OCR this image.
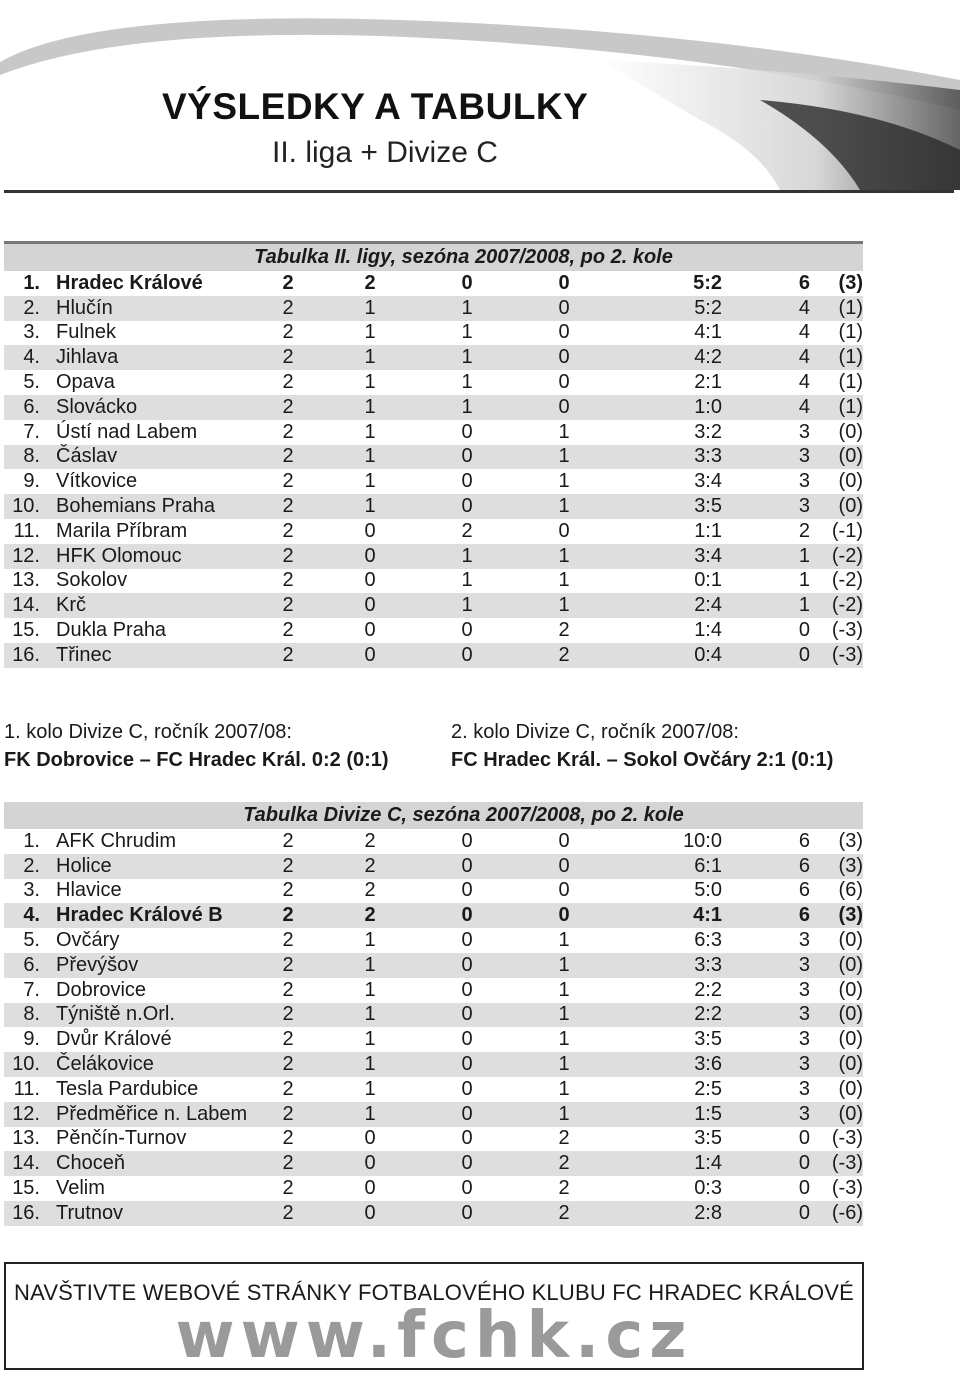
VÝSLEDKY A TABULKY
II. liga + Divize C
Tabulka II. ligy, sezóna 2007/2008, po 2. kole
1.	Hradec Králové	2	2	0	0	5:2	6	(3)
2.	Hlučín	2	1	1	0	5:2	4	(1)
3.	Fulnek	2	1	1	0	4:1	4	(1)
4.	Jihlava	2	1	1	0	4:2	4	(1)
5.	Opava	2	1	1	0	2:1	4	(1)
6.	Slovácko	2	1	1	0	1:0	4	(1)
7.	Ústí nad Labem	2	1	0	1	3:2	3	(0)
8.	Čáslav	2	1	0	1	3:3	3	(0)
9.	Vítkovice	2	1	0	1	3:4	3	(0)
10.	Bohemians Praha	2	1	0	1	3:5	3	(0)
11.	Marila Příbram	2	0	2	0	1:1	2	(-1)
12.	HFK Olomouc	2	0	1	1	3:4	1	(-2)
13.	Sokolov	2	0	1	1	0:1	1	(-2)
14.	Krč	2	0	1	1	2:4	1	(-2)
15.	Dukla Praha	2	0	0	2	1:4	0	(-3)
16.	Třinec	2	0	0	2	0:4	0	(-3)
1. kolo Divize C, ročník 2007/08:
FK Dobrovice – FC Hradec Král. 0:2 (0:1)
2. kolo Divize C, ročník 2007/08:
FC Hradec Král. – Sokol Ovčáry 2:1 (0:1)
Tabulka Divize C, sezóna 2007/2008, po 2. kole
1.	AFK Chrudim	2	2	0	0	10:0	6	(3)
2.	Holice	2	2	0	0	6:1	6	(3)
3.	Hlavice	2	2	0	0	5:0	6	(6)
4.	Hradec Králové B	2	2	0	0	4:1	6	(3)
5.	Ovčáry	2	1	0	1	6:3	3	(0)
6.	Převýšov	2	1	0	1	3:3	3	(0)
7.	Dobrovice	2	1	0	1	2:2	3	(0)
8.	Týniště n.Orl.	2	1	0	1	2:2	3	(0)
9.	Dvůr Králové	2	1	0	1	3:5	3	(0)
10.	Čelákovice	2	1	0	1	3:6	3	(0)
11.	Tesla Pardubice	2	1	0	1	2:5	3	(0)
12.	Předměřice n. Labem	2	1	0	1	1:5	3	(0)
13.	Pěnčín-Turnov	2	0	0	2	3:5	0	(-3)
14.	Choceň	2	0	0	2	1:4	0	(-3)
15.	Velim	2	0	0	2	0:3	0	(-3)
16.	Trutnov	2	0	0	2	2:8	0	(-6)
NAVŠTIVTE WEBOVÉ STRÁNKY FOTBALOVÉHO KLUBU FC HRADEC KRÁLOVÉ
www.fchk.cz
